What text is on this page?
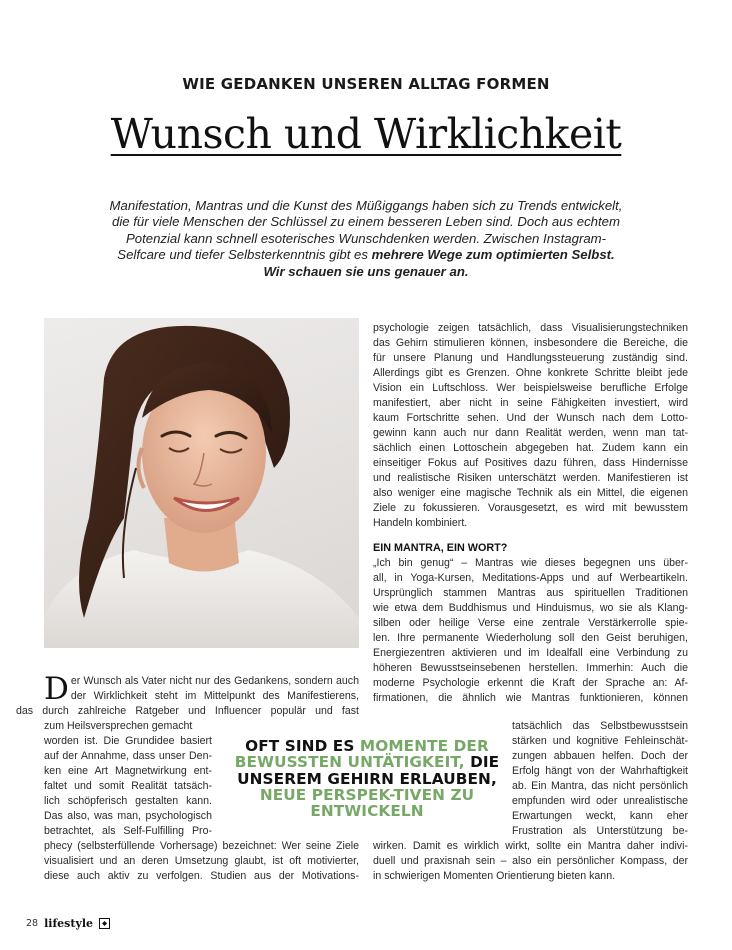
WIE GEDANKEN UNSEREN ALLTAG FORMEN
Wunsch und Wirklichkeit
Manifestation, Mantras und die Kunst des Müßiggangs haben sich zu Trends entwickelt,
die für viele Menschen der Schlüssel zu einem besseren Leben sind. Doch aus echtem
Potenzial kann schnell esoterisches Wunschdenken werden. Zwischen Instagram-
Selfcare und tiefer Selbsterkenntnis gibt es mehrere Wege zum optimierten Selbst.
Wir schauen sie uns genauer an.
D er Wunsch als Vater nicht nur des Gedankens, sondern auch
der Wirklichkeit steht im Mittelpunkt des Manifestierens,
das durch zahlreiche Ratgeber und Influencer populär und fast
zum Heilsversprechen gemacht
worden ist. Die Grundidee basiert
auf der Annahme, dass unser Den-
ken eine Art Magnetwirkung ent-
faltet und somit Realität tatsäch-
lich schöpferisch gestalten kann.
Das also, was man, psychologisch
betrachtet, als Self-Fulfilling Pro-
phecy (selbsterfüllende Vorhersage) bezeichnet: Wer seine Ziele
visualisiert und an deren Umsetzung glaubt, ist oft motivierter,
diese auch aktiv zu verfolgen. Studien aus der Motivations-
psychologie zeigen tatsächlich, dass Visualisierungstechniken
das Gehirn stimulieren können, insbesondere die Bereiche, die
für unsere Planung und Handlungssteuerung zuständig sind.
Allerdings gibt es Grenzen. Ohne konkrete Schritte bleibt jede
Vision ein Luftschloss. Wer beispielsweise berufliche Erfolge
manifestiert, aber nicht in seine Fähigkeiten investiert, wird
kaum Fortschritte sehen. Und der Wunsch nach dem Lotto-
gewinn kann auch nur dann Realität werden, wenn man tat-
sächlich einen Lottoschein abgegeben hat. Zudem kann ein
einseitiger Fokus auf Positives dazu führen, dass Hindernisse
und realistische Risiken unterschätzt werden. Manifestieren ist
also weniger eine magische Technik als ein Mittel, die eigenen
Ziele zu fokussieren. Vorausgesetzt, es wird mit bewusstem
Handeln kombiniert.
EIN MANTRA, EIN WORT?
„Ich bin genug“ – Mantras wie dieses begegnen uns über-
all, in Yoga-Kursen, Meditations-Apps und auf Werbeartikeln.
Ursprünglich stammen Mantras aus spirituellen Traditionen
wie etwa dem Buddhismus und Hinduismus, wo sie als Klang-
silben oder heilige Verse eine zentrale Verstärkerrolle spie-
len. Ihre permanente Wiederholung soll den Geist beruhigen,
Energiezentren aktivieren und im Idealfall eine Verbindung zu
höheren Bewusstseinsebenen herstellen. Immerhin: Auch die
moderne Psychologie erkennt die Kraft der Sprache an: Af-
firmationen, die ähnlich wie Mantras funktionieren, können
tatsächlich das Selbstbewusstsein
stärken und kognitive Fehleinschät-
zungen abbauen helfen. Doch der
Erfolg hängt von der Wahrhaftigkeit
ab. Ein Mantra, das nicht persönlich
empfunden wird oder unrealistische
Erwartungen weckt, kann eher
Frustration als Unterstützung be-
wirken. Damit es wirklich wirkt, sollte ein Mantra daher indivi-
duell und praxisnah sein – also ein persönlicher Kompass, der
in schwierigen Momenten Orientierung bieten kann.
OFT SIND ES MOMENTE DER BEWUSSTEN UNTÄTIGKEIT, DIE UNSEREM GEHIRN ERLAUBEN, NEUE PERSPEK-TIVEN ZU ENTWICKELN
28 lifestyle
